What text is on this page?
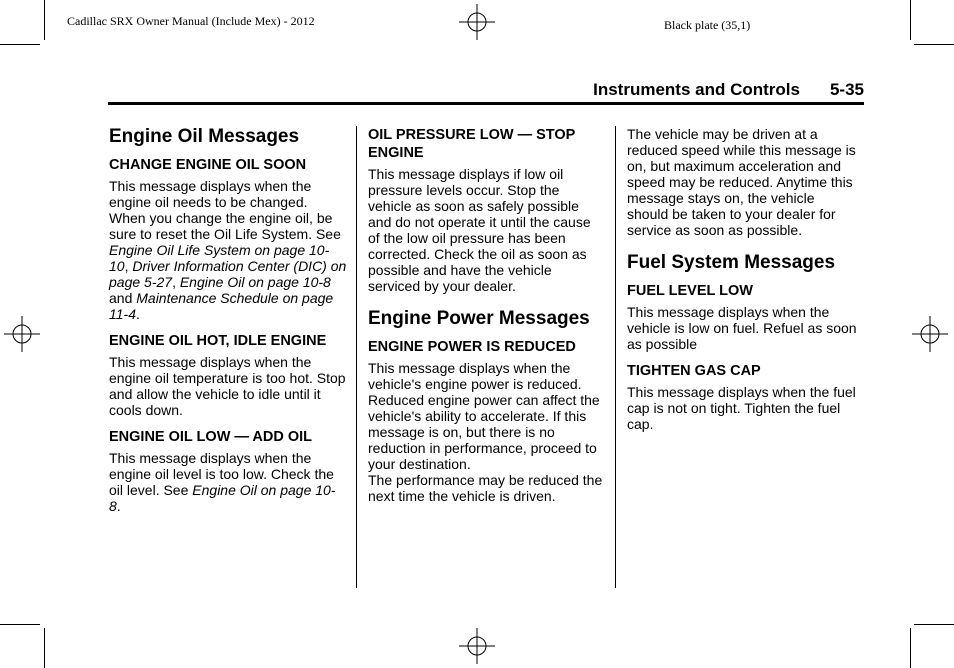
Cadillac SRX Owner Manual (Include Mex) - 2012	Black plate (35,1)
Instruments and Controls 5-35
Engine Oil Messages
CHANGE ENGINE OIL SOON

This message displays when the engine oil needs to be changed. When you change the engine oil, be sure to reset the Oil Life System. See Engine Oil Life System on page 10-10, Driver Information Center (DIC) on page 5-27, Engine Oil on page 10-8 and Maintenance Schedule on page 11-4.

ENGINE OIL HOT, IDLE ENGINE

This message displays when the engine oil temperature is too hot. Stop and allow the vehicle to idle until it cools down.

ENGINE OIL LOW — ADD OIL

This message displays when the engine oil level is too low. Check the oil level. See Engine Oil on page 10-8.

OIL PRESSURE LOW — STOP ENGINE

This message displays if low oil pressure levels occur. Stop the vehicle as soon as safely possible and do not operate it until the cause of the low oil pressure has been corrected. Check the oil as soon as possible and have the vehicle serviced by your dealer.

Engine Power Messages
ENGINE POWER IS REDUCED

This message displays when the vehicle's engine power is reduced. Reduced engine power can affect the vehicle's ability to accelerate. If this message is on, but there is no reduction in performance, proceed to your destination.
The performance may be reduced the next time the vehicle is driven.

The vehicle may be driven at a reduced speed while this message is on, but maximum acceleration and speed may be reduced. Anytime this message stays on, the vehicle should be taken to your dealer for service as soon as possible.

Fuel System Messages
FUEL LEVEL LOW

This message displays when the vehicle is low on fuel. Refuel as soon as possible

TIGHTEN GAS CAP

This message displays when the fuel cap is not on tight. Tighten the fuel cap.
